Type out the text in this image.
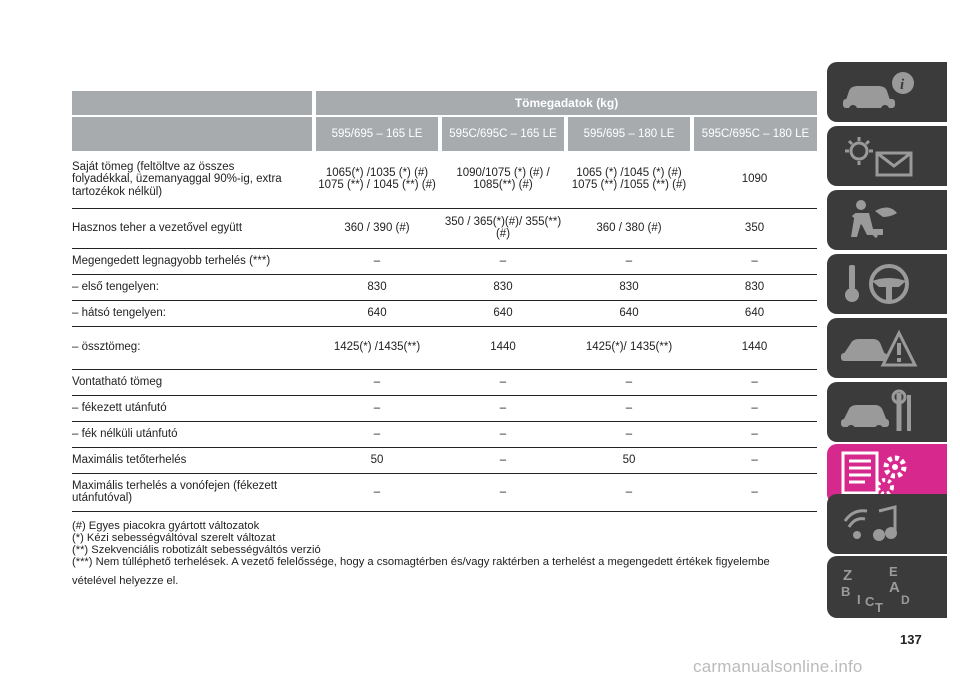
	Tömegadatok (kg)			
	595/695 – 165 LE	595C/695C – 165 LE	595/695 – 180 LE	595C/695C – 180 LE
Saját tömeg (feltöltve az összes folyadékkal, üzemanyaggal 90%-ig, extra tartozékok nélkül)	1065(*) /1035 (*) (#) 1075 (**) / 1045 (**) (#)	1090/1075 (*) (#) / 1085(**) (#)	1065 (*) /1045 (*) (#) 1075 (**) /1055 (**) (#)	1090
Hasznos teher a vezetővel együtt	360 / 390 (#)	350 / 365(*)(#)/ 355(**) (#)	360 / 380 (#)	350
Megengedett legnagyobb terhelés (***)	–	–	–	–
– első tengelyen:	830	830	830	830
– hátsó tengelyen:	640	640	640	640
– össztömeg:	1425(*) /1435(**)	1440	1425(*)/ 1435(**)	1440
Vontatható tömeg	–	–	–	–
– fékezett utánfutó	–	–	–	–
– fék nélküli utánfutó	–	–	–	–
Maximális tetőterhelés	50	–	50	–
Maximális terhelés a vonófejen (fékezett utánfutóval)	–	–	–	–
(#) Egyes piacokra gyártott változatok
(*) Kézi sebességváltóval szerelt változat
(**) Szekvenciális robotizált sebességváltós verzió
(***) Nem túlléphető terhelések. A vezető felelőssége, hogy a csomagtérben és/vagy raktérben a terhelést a megengedett értékek figyelembe vételével helyezze el.
i
Z	E
A
B
I C T D
137
carmanualsonline.info
